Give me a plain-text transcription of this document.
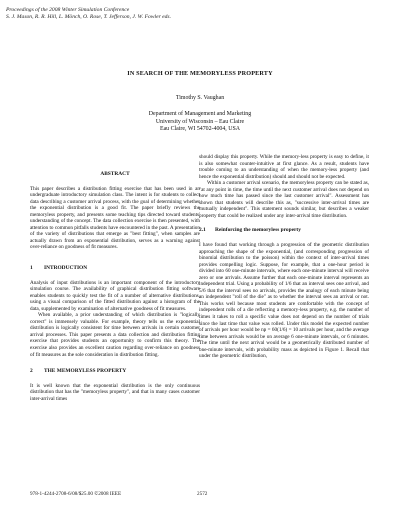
Proceedings of the 2008 Winter Simulation Conference
S. J. Mason, R. R. Hill, L. Mönch, O. Rose, T. Jefferson, J. W. Fowler eds.
IN SEARCH OF THE MEMORYLESS PROPERTY
Timothy S. Vaughan
Department of Management and Marketing
University of Wisconsin – Eau Claire
Eau Claire, WI 54702-4004, USA
ABSTRACT

This paper describes a distribution fitting exercise that has been used in an undergraduate introductory simulation class. The intent is for students to collect data describing a customer arrival process, with the goal of determining whether the exponential distribution is a good fit. The paper briefly reviews the memoryless property, and presents some teaching tips directed toward students' understanding of the concept. The data collection exercise is then presented, with attention to common pitfalls students have encountered in the past. A presentation of the variety of distributions that emerge as "best fitting", when samples are actually drawn from an exponential distribution, serves as a warning against over-reliance on goodness of fit measures.

1 INTRODUCTION

Analysis of input distributions is an important component of the introductory simulation course. The availability of graphical distribution fitting software enables students to quickly test the fit of a number of alternative distributions, using a visual comparison of the fitted distribution against a histogram of the data, supplemented by examination of alternative goodness of fit measures.

When available, a prior understanding of which distribution is "logically correct" is immensely valuable. For example, theory tells us the exponential distribution is logically consistent for time between arrivals in certain customer arrival processes. This paper presents a data collection and distribution fitting exercise that provides students an opportunity to confirm this theory. The exercise also provides an excellent caution regarding over-reliance on goodness of fit measures as the sole consideration in distribution fitting.

2 THE MEMORYLESS PROPERTY

It is well known that the exponential distribution is the only continuous distribution that has the "memoryless property", and that in many cases customer inter-arrival times

should display this property. While the memory-less property is easy to define, it is also somewhat counter-intuitive at first glance. As a result, students have trouble coming to an understanding of when the memory-less property (and hence the exponential distribution) should and should not be expected.

Within a customer arrival scenario, the memoryless property can be stated as, "at any point in time, the time until the next customer arrival does not depend on how much time has passed since the last customer arrival". Assessment has shown that students will describe this as, "successive inter-arrival times are mutually independent". This statement sounds similar, but describes a weaker property that could be realized under any inter-arrival time distribution.

2.1 Reinforcing the memoryless property

I have found that working through a progression of the geometric distribution approaching the shape of the exponential, (and corresponding progression of binomial distribution to the poisson) within the context of inter-arrival times provides compelling logic. Suppose, for example, that a one-hour period is divided into 60 one-minute intervals, where each one-minute interval will receive zero or one arrivals. Assume further that each one-minute interval represents an independent trial. Using a probability of 1/6 that an interval sees one arrival, and 5/6 that the interval sees no arrivals, provides the analogy of each minute being an independent "roll of the die" as to whether the interval sees an arrival or not. This works well because most students are comfortable with the concept of independent rolls of a die reflecting a memory-less property, e.g. the number of times it takes to roll a specific value does not depend on the number of trials since the last time that value was rolled. Under this model the expected number of arrivals per hour would be np = 60(1/6) = 10 arrivals per hour, and the average time between arrivals would be on average 6 one-minute intervals, or 6 minutes. The time until the next arrival would be a geometrically distributed number of one-minute intervals, with probability mass as depicted in Figure 1. Recall that under the geometric distribution,

978-1-4244-2708-6/08/$25.00 ©2008 IEEE	2572
